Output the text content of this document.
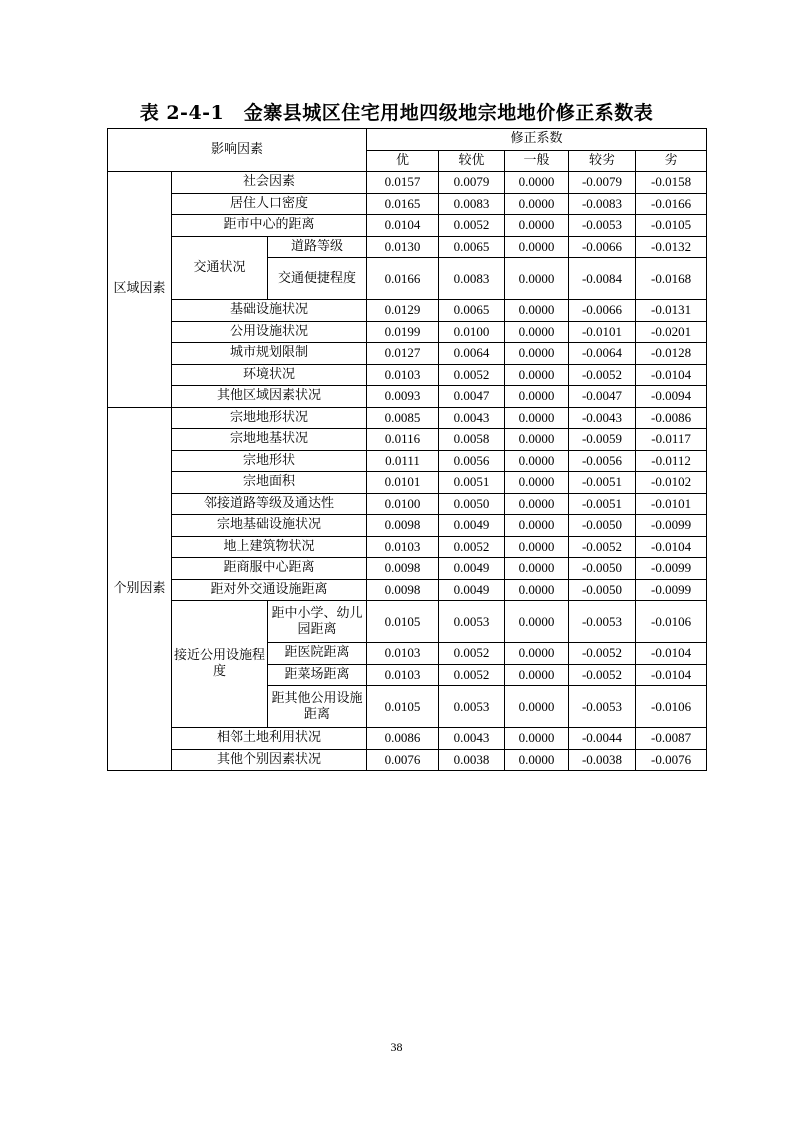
表 2-4-1　金寨县城区住宅用地四级地宗地地价修正系数表
影响因素			修正系数				
			优	较优	一般	较劣	劣
区域因素	社会因素		0.0157	0.0079	0.0000	-0.0079	-0.0158
	居住人口密度		0.0165	0.0083	0.0000	-0.0083	-0.0166
	距市中心的距离		0.0104	0.0052	0.0000	-0.0053	-0.0105
	交通状况	道路等级	0.0130	0.0065	0.0000	-0.0066	-0.0132
		交通便捷程度	0.0166	0.0083	0.0000	-0.0084	-0.0168
	基础设施状况		0.0129	0.0065	0.0000	-0.0066	-0.0131
	公用设施状况		0.0199	0.0100	0.0000	-0.0101	-0.0201
	城市规划限制		0.0127	0.0064	0.0000	-0.0064	-0.0128
	环境状况		0.0103	0.0052	0.0000	-0.0052	-0.0104
	其他区域因素状况		0.0093	0.0047	0.0000	-0.0047	-0.0094
个别因素	宗地地形状况		0.0085	0.0043	0.0000	-0.0043	-0.0086
	宗地地基状况		0.0116	0.0058	0.0000	-0.0059	-0.0117
	宗地形状		0.0111	0.0056	0.0000	-0.0056	-0.0112
	宗地面积		0.0101	0.0051	0.0000	-0.0051	-0.0102
	邻接道路等级及通达性		0.0100	0.0050	0.0000	-0.0051	-0.0101
	宗地基础设施状况		0.0098	0.0049	0.0000	-0.0050	-0.0099
	地上建筑物状况		0.0103	0.0052	0.0000	-0.0052	-0.0104
	距商服中心距离		0.0098	0.0049	0.0000	-0.0050	-0.0099
	距对外交通设施距离		0.0098	0.0049	0.0000	-0.0050	-0.0099
	接近公用设施程度	距中小学、幼儿园距离	0.0105	0.0053	0.0000	-0.0053	-0.0106
		距医院距离	0.0103	0.0052	0.0000	-0.0052	-0.0104
		距菜场距离	0.0103	0.0052	0.0000	-0.0052	-0.0104
		距其他公用设施距离	0.0105	0.0053	0.0000	-0.0053	-0.0106
	相邻土地利用状况		0.0086	0.0043	0.0000	-0.0044	-0.0087
	其他个别因素状况		0.0076	0.0038	0.0000	-0.0038	-0.0076
38
